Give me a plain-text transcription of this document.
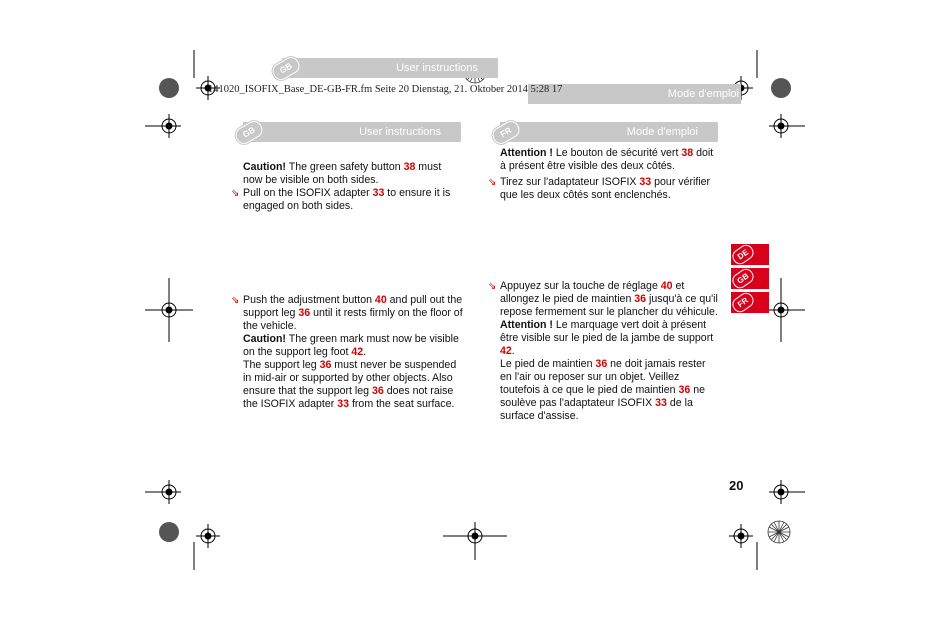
GB	User instructions
Mode d'emploi
141020_ISOFIX_Base_DE-GB-FR.fm Seite 20 Dienstag, 21. Oktober 2014 5:28 17
GB	User instructions	FR	Mode d'emploi

Caution! The green safety button 38 must now be visible on both sides.

⇘ Pull on the ISOFIX adapter 33 to ensure it is engaged on both sides.

⇘ Push the adjustment button 40 and pull out the support leg 36 until it rests firmly on the floor of the vehicle.

Caution! The green mark must now be visible on the support leg foot 42.

The support leg 36 must never be suspended in mid-air or supported by other objects. Also ensure that the support leg 36 does not raise the ISOFIX adapter 33 from the seat surface.

Attention ! Le bouton de sécurité vert 38 doit à présent être visible des deux côtés.

⇘ Tirez sur l'adaptateur ISOFIX 33 pour vérifier que les deux côtés sont enclenchés.

⇘ Appuyez sur la touche de réglage 40 et allongez le pied de maintien 36 jusqu'à ce qu'il repose fermement sur le plancher du véhicule.

Attention ! Le marquage vert doit à présent être visible sur le pied de la jambe de support 42.

Le pied de maintien 36 ne doit jamais rester en l'air ou reposer sur un objet. Veillez toutefois à ce que le pied de maintien 36 ne soulève pas l'adaptateur ISOFIX 33 de la surface d'assise.

DE
GB
FR
20
